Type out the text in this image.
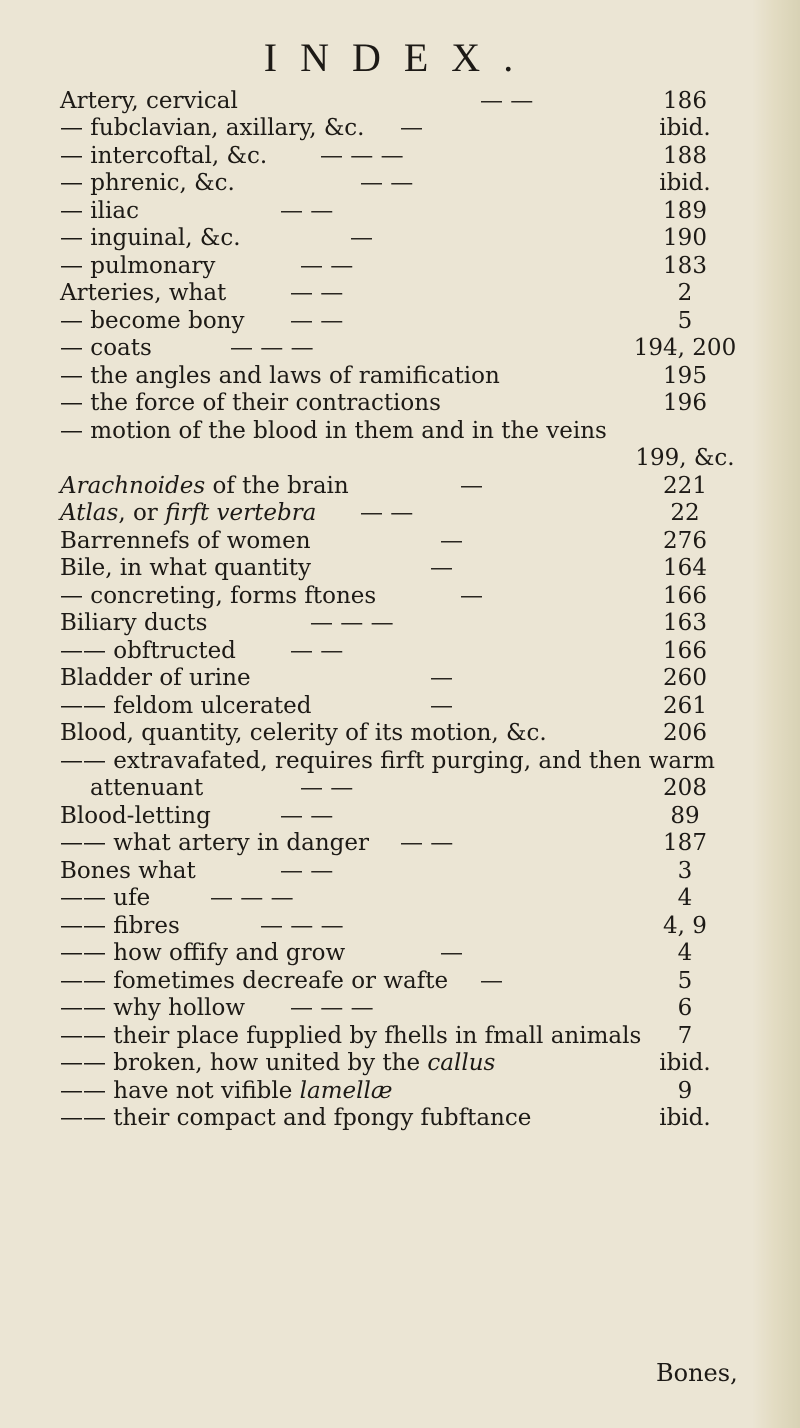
INDEX.
Artery, cervical	— —	186
— fubclavian, axillary, &c. —	ibid.
— intercoftal, &c. — — —	188
— phrenic, &c.	— —	ibid.
— iliac	— —	189
— inguinal, &c.	—	190
— pulmonary	— —	183
Arteries, what	— —	2
— become bony — —	5
— coats	— — —	194, 200
— the angles and laws of ramification	195
— the force of their contractions	196
— motion of the blood in them and in the veins
199, &c.
Arachnoides of the brain	—	221
Atlas, or firft vertebra — —	22
Barrennefs of women	—	276
Bile, in what quantity	—	164
— concreting, forms ftones	—	166
Biliary ducts	— — —	163
—— obftructed — —	166
Bladder of urine	—	260
—— feldom ulcerated	—	261
Blood, quantity, celerity of its motion, &c.	206
—— extravafated, requires firft purging, and then warm
attenuant	— —	208
Blood-letting	— —	89
—— what artery in danger — —	187
Bones what	— —	3
—— ufe	— — —	4
—— fibres	— — —	4, 9
—— how offify and grow	—	4
—— fometimes decreafe or wafte —	5
—— why hollow — — —	6
—— their place fupplied by fhells in fmall animals	7
—— broken, how united by the callus	ibid.
—— have not vifible lamellæ	9
—— their compact and fpongy fubftance	ibid.
Bones,
